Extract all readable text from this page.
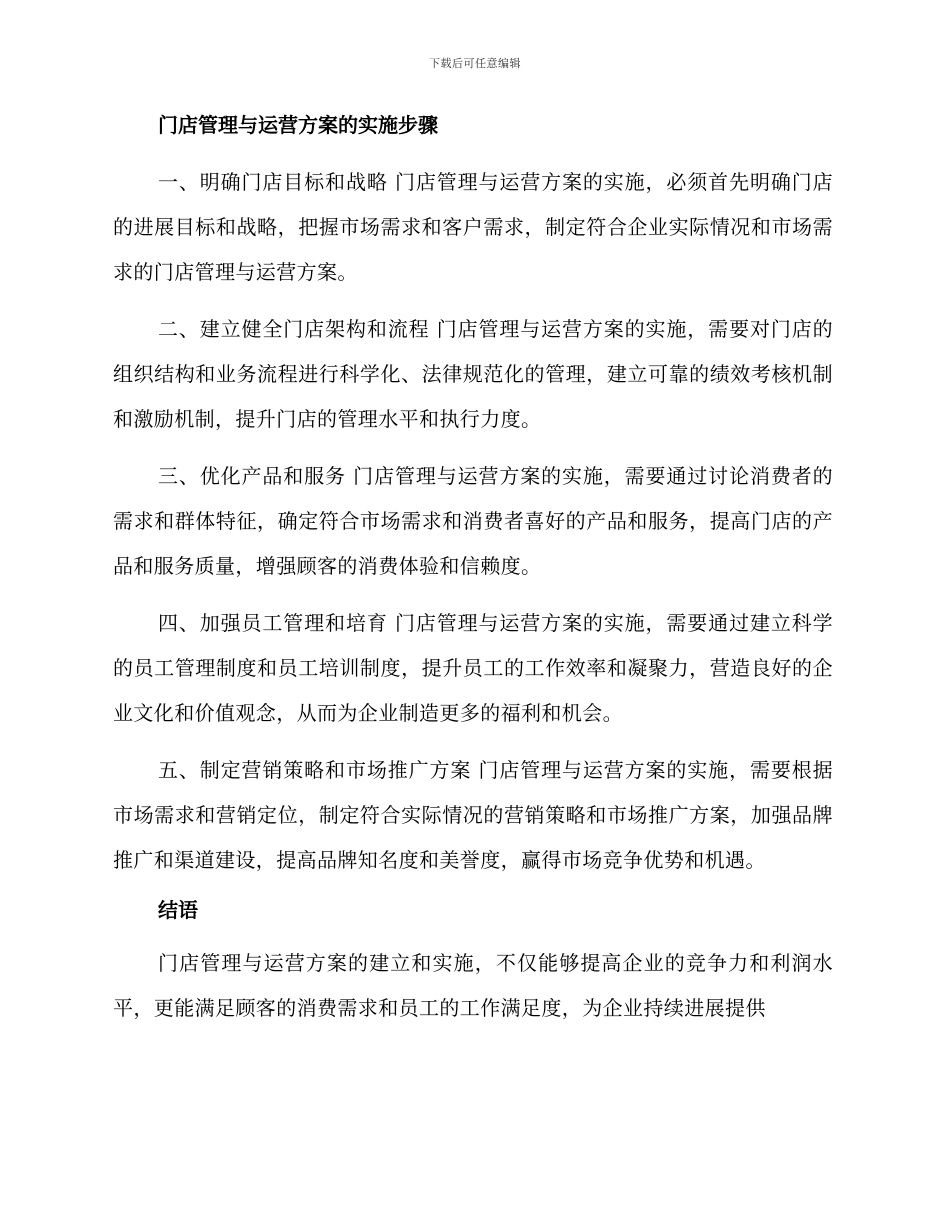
下载后可任意编辑
门店管理与运营方案的实施步骤

一、明确门店目标和战略 门店管理与运营方案的实施，必须首先明确门店的进展目标和战略，把握市场需求和客户需求，制定符合企业实际情况和市场需求的门店管理与运营方案。

二、建立健全门店架构和流程 门店管理与运营方案的实施，需要对门店的组织结构和业务流程进行科学化、法律规范化的管理，建立可靠的绩效考核机制和激励机制，提升门店的管理水平和执行力度。

三、优化产品和服务 门店管理与运营方案的实施，需要通过讨论消费者的需求和群体特征，确定符合市场需求和消费者喜好的产品和服务，提高门店的产品和服务质量，增强顾客的消费体验和信赖度。

四、加强员工管理和培育 门店管理与运营方案的实施，需要通过建立科学的员工管理制度和员工培训制度，提升员工的工作效率和凝聚力，营造良好的企业文化和价值观念，从而为企业制造更多的福利和机会。

五、制定营销策略和市场推广方案 门店管理与运营方案的实施，需要根据市场需求和营销定位，制定符合实际情况的营销策略和市场推广方案，加强品牌推广和渠道建设，提高品牌知名度和美誉度，赢得市场竞争优势和机遇。

结语

门店管理与运营方案的建立和实施，不仅能够提高企业的竞争力和利润水平，更能满足顾客的消费需求和员工的工作满足度，为企业持续进展提供
